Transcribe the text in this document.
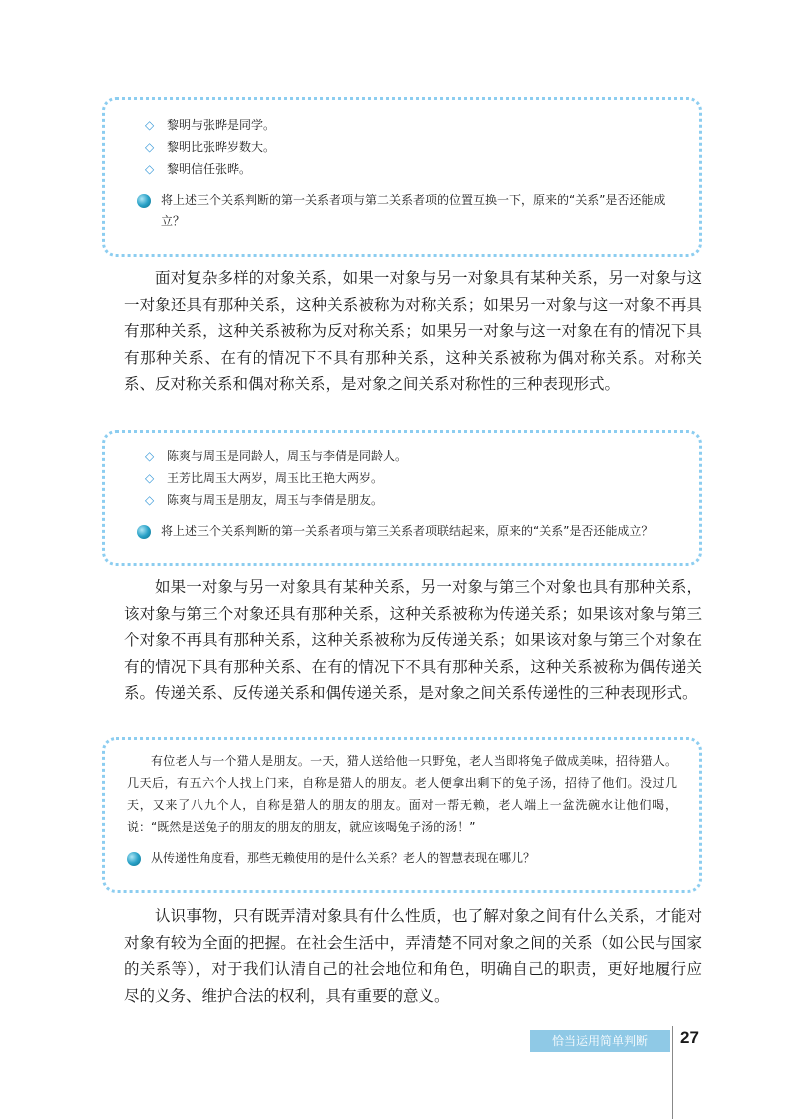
◇	黎明与张晔是同学。
◇	黎明比张晔岁数大。
◇	黎明信任张晔。
将上述三个关系判断的第一关系者项与第二关系者项的位置互换一下，原来的“关系”是否还能成立？

面对复杂多样的对象关系，如果一对象与另一对象具有某种关系，另一对象与这一对象还具有那种关系，这种关系被称为对称关系；如果另一对象与这一对象不再具有那种关系，这种关系被称为反对称关系；如果另一对象与这一对象在有的情况下具有那种关系、在有的情况下不具有那种关系，这种关系被称为偶对称关系。对称关系、反对称关系和偶对称关系，是对象之间关系对称性的三种表现形式。

◇	陈爽与周玉是同龄人，周玉与李倩是同龄人。
◇	王芳比周玉大两岁，周玉比王艳大两岁。
◇	陈爽与周玉是朋友，周玉与李倩是朋友。
将上述三个关系判断的第一关系者项与第三关系者项联结起来，原来的“关系”是否还能成立？

如果一对象与另一对象具有某种关系，另一对象与第三个对象也具有那种关系，该对象与第三个对象还具有那种关系，这种关系被称为传递关系；如果该对象与第三个对象不再具有那种关系，这种关系被称为反传递关系；如果该对象与第三个对象在有的情况下具有那种关系、在有的情况下不具有那种关系，这种关系被称为偶传递关系。传递关系、反传递关系和偶传递关系，是对象之间关系传递性的三种表现形式。

有位老人与一个猎人是朋友。一天，猎人送给他一只野兔，老人当即将兔子做成美味，招待猎人。几天后，有五六个人找上门来，自称是猎人的朋友。老人便拿出剩下的兔子汤，招待了他们。没过几天，又来了八九个人，自称是猎人的朋友的朋友。面对一帮无赖，老人端上一盆洗碗水让他们喝，说：“既然是送兔子的朋友的朋友的朋友，就应该喝兔子汤的汤！”
从传递性角度看，那些无赖使用的是什么关系？老人的智慧表现在哪儿？

认识事物，只有既弄清对象具有什么性质，也了解对象之间有什么关系，才能对对象有较为全面的把握。在社会生活中，弄清楚不同对象之间的关系（如公民与国家的关系等），对于我们认清自己的社会地位和角色，明确自己的职责，更好地履行应尽的义务、维护合法的权利，具有重要的意义。

恰当运用简单判断	27
